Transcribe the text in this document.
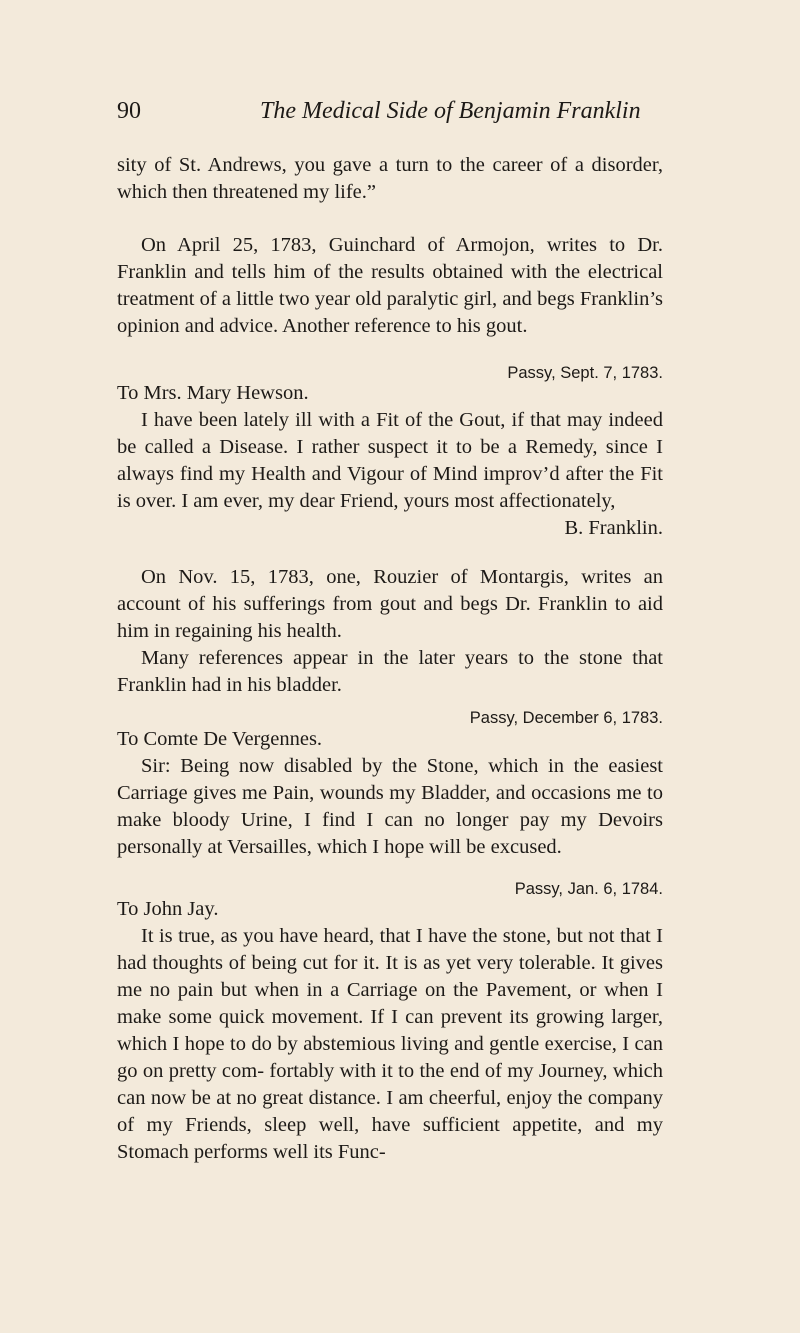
90	The Medical Side of Benjamin Franklin

sity of St. Andrews, you gave a turn to the career of a disorder, which then threatened my life.”

On April 25, 1783, Guinchard of Armojon, writes to Dr. Franklin and tells him of the results obtained with the electrical treatment of a little two year old paralytic girl, and begs Franklin’s opinion and advice. Another reference to his gout.

Passy, Sept. 7, 1783.

To Mrs. Mary Hewson.

I have been lately ill with a Fit of the Gout, if that may indeed be called a Disease. I rather suspect it to be a Remedy, since I always find my Health and Vigour of Mind improv’d after the Fit is over. I am ever, my dear Friend, yours most affectionately,

B. Franklin.

On Nov. 15, 1783, one, Rouzier of Montargis, writes an account of his sufferings from gout and begs Dr. Franklin to aid him in regaining his health.

Many references appear in the later years to the stone that Franklin had in his bladder.

Passy, December 6, 1783.

To Comte De Vergennes.

Sir: Being now disabled by the Stone, which in the easiest Carriage gives me Pain, wounds my Bladder, and occasions me to make bloody Urine, I find I can no longer pay my Devoirs personally at Versailles, which I hope will be excused.

Passy, Jan. 6, 1784.

To John Jay.

It is true, as you have heard, that I have the stone, but not that I had thoughts of being cut for it. It is as yet very tolerable. It gives me no pain but when in a Carriage on the Pavement, or when I make some quick movement. If I can prevent its growing larger, which I hope to do by abstemious living and gentle exercise, I can go on pretty com- fortably with it to the end of my Journey, which can now be at no great distance. I am cheerful, enjoy the company of my Friends, sleep well, have sufficient appetite, and my Stomach performs well its Func-
